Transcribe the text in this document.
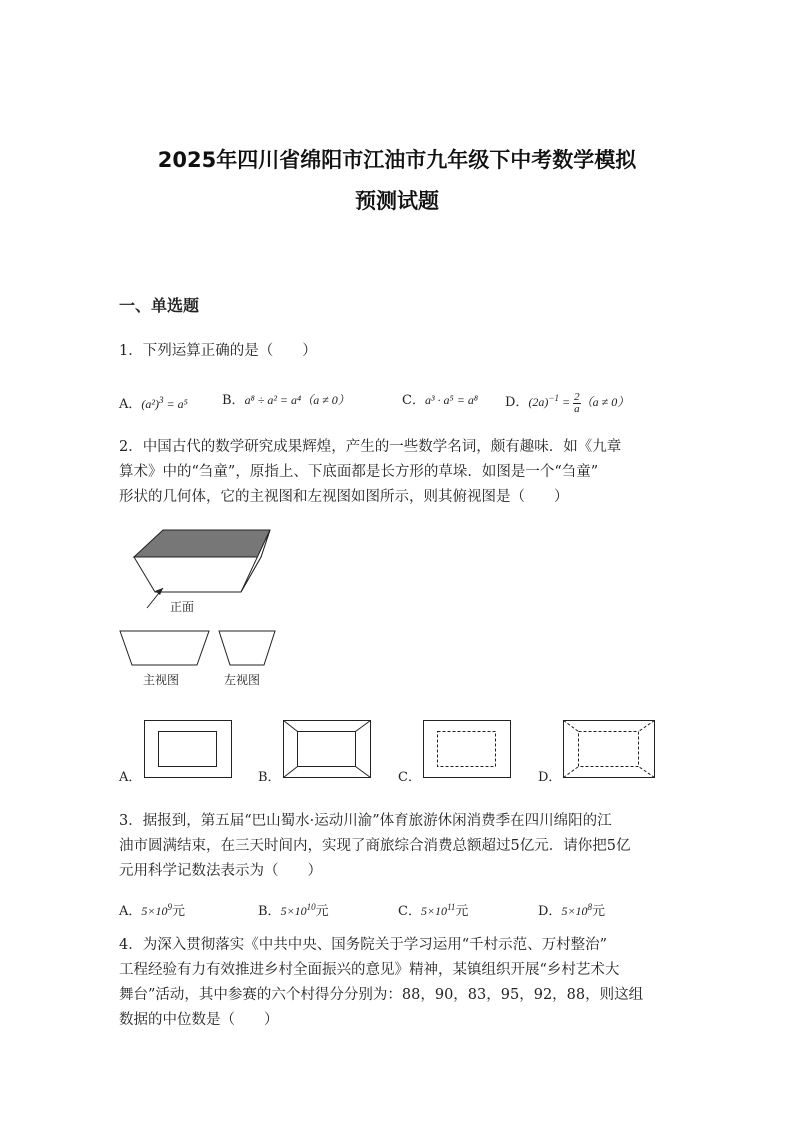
2025年四川省绵阳市江油市九年级下中考数学模拟
预测试题
一、单选题
1．下列运算正确的是（　　）
A．$(a^2)^3 = a^5$	B．a⁸ ÷ a² = a⁴（a ≠ 0）	C．a³ · a⁵ = a⁸ D．$(2a)^{-1} = \frac{2}{a} (a \ne 0)$
2．中国古代的数学研究成果辉煌，产生的一些数学名词，颇有趣味．如《九章
算术》中的“刍童”，原指上、下底面都是长方形的草垛．如图是一个“刍童”
形状的几何体，它的主视图和左视图如图所示，则其俯视图是（　　）
正面
主视图	左视图
A．	B．	C．	D．
3．据报到，第五届“巴山蜀水·运动川渝”体育旅游休闲消费季在四川绵阳的江
油市圆满结束，在三天时间内，实现了商旅综合消费总额超过5亿元．请你把5亿
元用科学记数法表示为（　　）
A．$5\times 10^9$元	B．$5\times 10^{10}$元	C．$5\times 10^{11}$元	D．$5\times 10^8$元
4．为深入贯彻落实《中共中央、国务院关于学习运用“千村示范、万村整治”
工程经验有力有效推进乡村全面振兴的意见》精神，某镇组织开展“乡村艺术大
舞台”活动，其中参赛的六个村得分分别为：88，90，83，95，92，88，则这组
数据的中位数是（　　）
